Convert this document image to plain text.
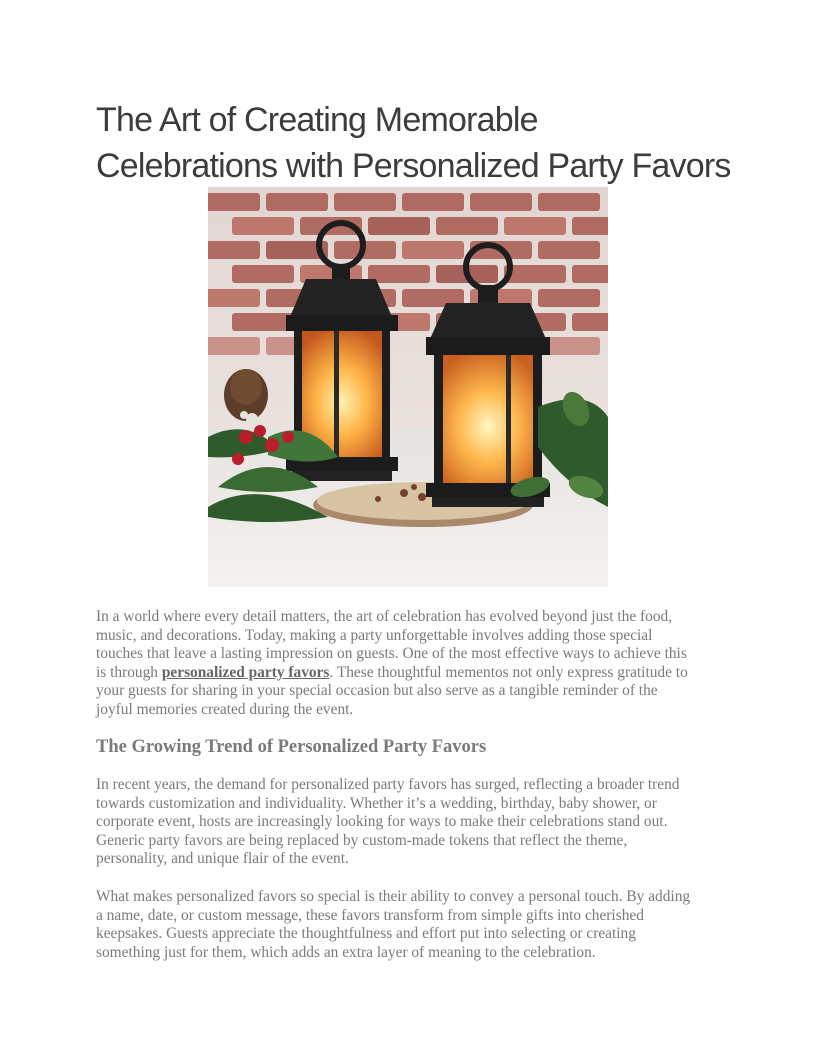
The Art of Creating Memorable
Celebrations with Personalized Party Favors

In a world where every detail matters, the art of celebration has evolved beyond just the food,
music, and decorations. Today, making a party unforgettable involves adding those special
touches that leave a lasting impression on guests. One of the most effective ways to achieve this
is through personalized party favors. These thoughtful mementos not only express gratitude to
your guests for sharing in your special occasion but also serve as a tangible reminder of the
joyful memories created during the event.

The Growing Trend of Personalized Party Favors

In recent years, the demand for personalized party favors has surged, reflecting a broader trend
towards customization and individuality. Whether it’s a wedding, birthday, baby shower, or
corporate event, hosts are increasingly looking for ways to make their celebrations stand out.
Generic party favors are being replaced by custom-made tokens that reflect the theme,
personality, and unique flair of the event.

What makes personalized favors so special is their ability to convey a personal touch. By adding
a name, date, or custom message, these favors transform from simple gifts into cherished
keepsakes. Guests appreciate the thoughtfulness and effort put into selecting or creating
something just for them, which adds an extra layer of meaning to the celebration.
